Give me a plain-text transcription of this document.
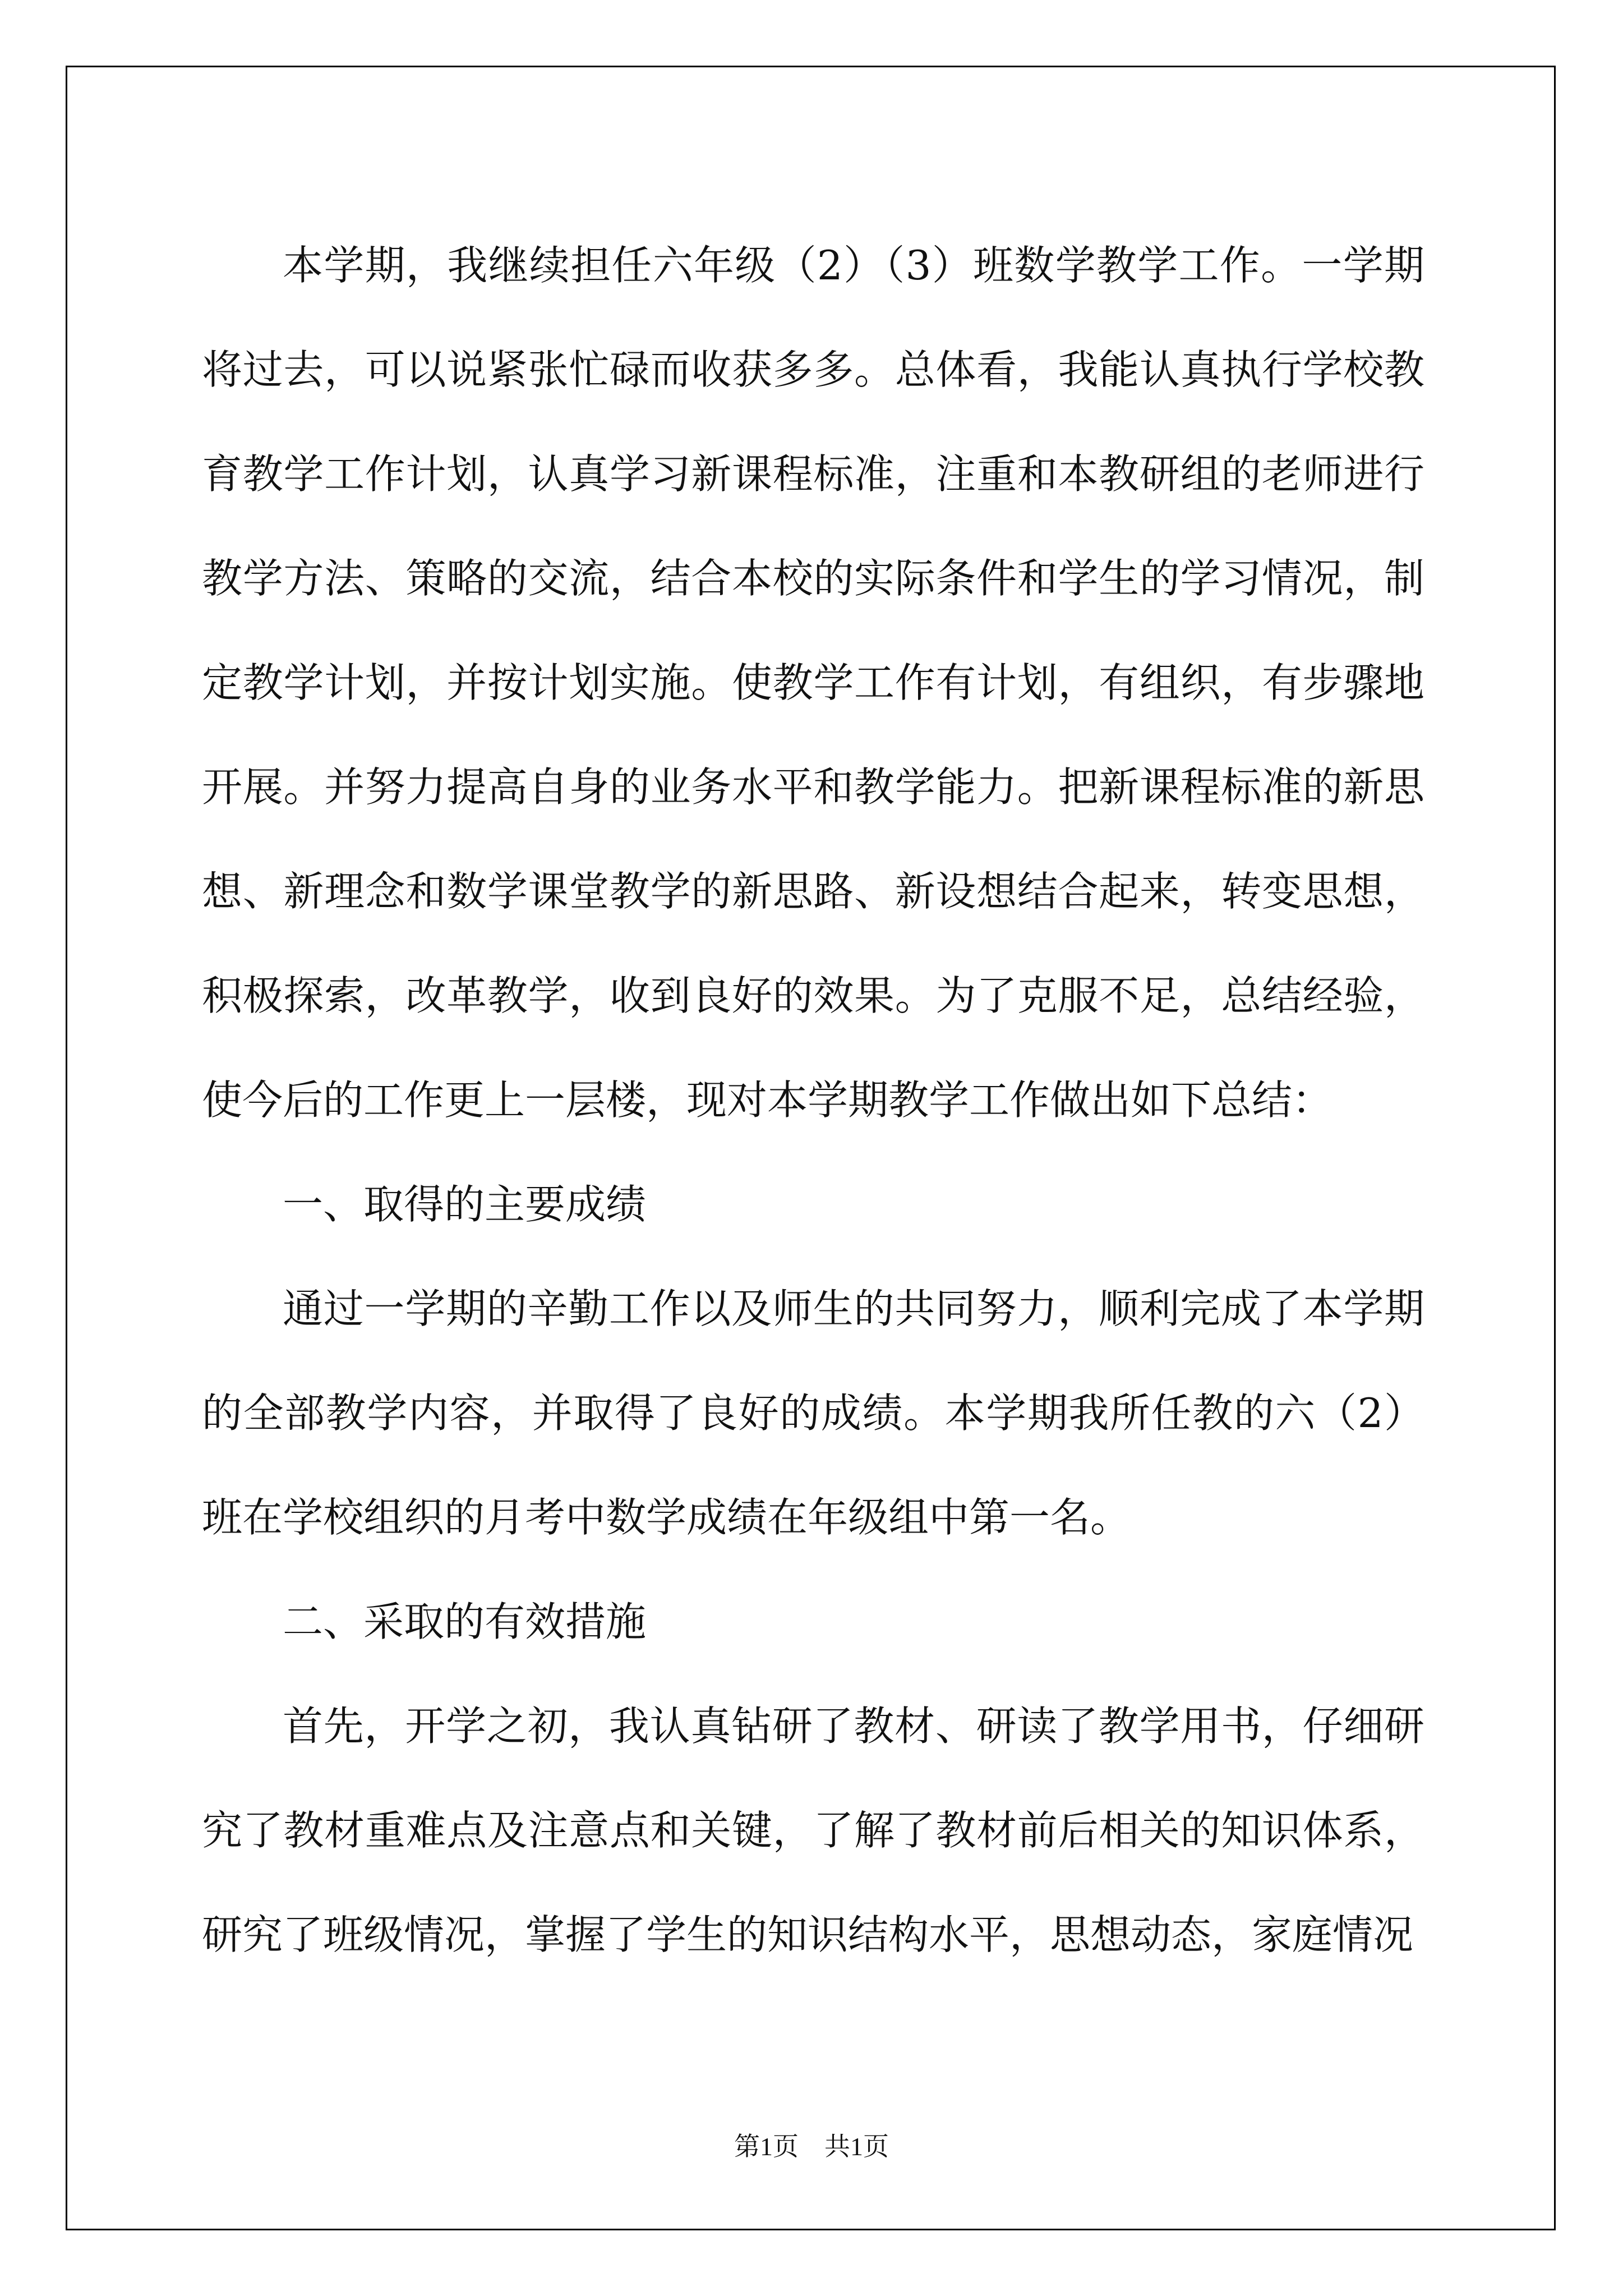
本学期，我继续担任六年级（2）（3）班数学教学工作。一学期将过去，可以说紧张忙碌而收获多多。总体看，我能认真执行学校教育教学工作计划，认真学习新课程标准，注重和本教研组的老师进行教学方法、策略的交流，结合本校的实际条件和学生的学习情况，制定教学计划，并按计划实施。使教学工作有计划，有组织，有步骤地开展。并努力提高自身的业务水平和教学能力。把新课程标准的新思想、新理念和数学课堂教学的新思路、新设想结合起来，转变思想，积极探索，改革教学，收到良好的效果。为了克服不足，总结经验，使今后的工作更上一层楼，现对本学期教学工作做出如下总结：

一、取得的主要成绩

通过一学期的辛勤工作以及师生的共同努力，顺利完成了本学期的全部教学内容，并取得了良好的成绩。本学期我所任教的六（2）班在学校组织的月考中数学成绩在年级组中第一名。

二、采取的有效措施

首先，开学之初，我认真钻研了教材、研读了教学用书，仔细研究了教材重难点及注意点和关键，了解了教材前后相关的知识体系，研究了班级情况，掌握了学生的知识结构水平，思想动态，家庭情况

第1页　共1页
